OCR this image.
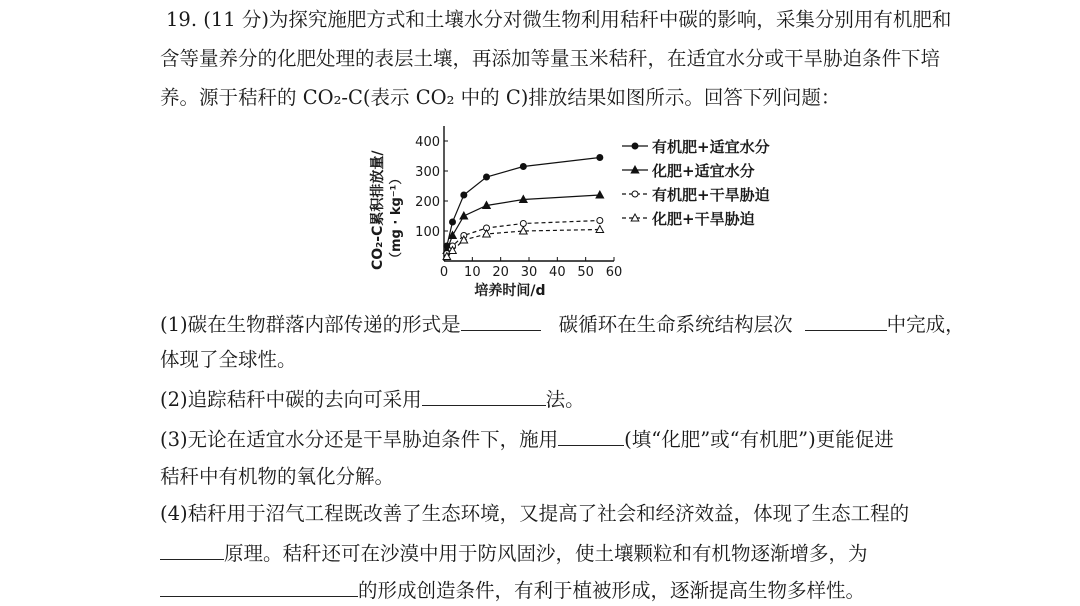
19. (11 分)为探究施肥方式和土壤水分对微生物利用秸秆中碳的影响，采集分别用有机肥和
含等量养分的化肥处理的表层土壤，再添加等量玉米秸秆，在适宜水分或干旱胁迫条件下培
养。源于秸秆的 CO₂-C(表示 CO₂ 中的 C)排放结果如图所示。回答下列问题：
0 10 20 30 40 50 60
100
200
300
400	有机肥+适宜水分
化肥+适宜水分
有机肥+干旱胁迫
化肥+干旱胁迫
CO₂-C累积排放量/ （mg · kg⁻¹）
培养时间/d
(1)碳在生物群落内部传递的形式是	碳循环在生命系统结构层次	中完成，
体现了全球性。
(2)追踪秸秆中碳的去向可采用	法。
(3)无论在适宜水分还是干旱胁迫条件下，施用	(填“化肥”或“有机肥”)更能促进
秸秆中有机物的氧化分解。
(4)秸秆用于沼气工程既改善了生态环境，又提高了社会和经济效益，体现了生态工程的
原理。秸秆还可在沙漠中用于防风固沙，使土壤颗粒和有机物逐渐增多，为
的形成创造条件，有利于植被形成，逐渐提高生物多样性。
